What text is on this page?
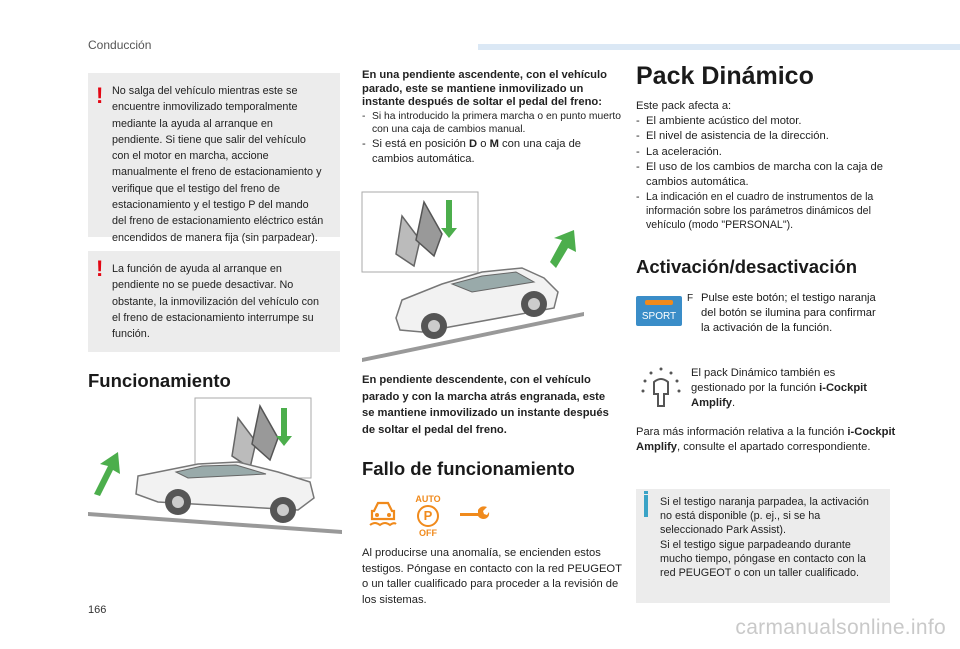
Conducción
! No salga del vehículo mientras este se encuentre inmovilizado temporalmente mediante la ayuda al arranque en pendiente. Si tiene que salir del vehículo con el motor en marcha, accione manualmente el freno de estacionamiento y verifique que el testigo del freno de estacionamiento y el testigo P del mando del freno de estacionamiento eléctrico están encendidos de manera fija (sin parpadear).
! La función de ayuda al arranque en pendiente no se puede desactivar. No obstante, la inmovilización del vehículo con el freno de estacionamiento interrumpe su función.
Funcionamiento
En una pendiente ascendente, con el vehículo parado, este se mantiene inmovilizado un instante después de soltar el pedal del freno:
- Si ha introducido la primera marcha o en punto muerto con una caja de cambios manual.
- Si está en posición D o M con una caja de cambios automática.
En pendiente descendente, con el vehículo parado y con la marcha atrás engranada, este se mantiene inmovilizado un instante después de soltar el pedal del freno.
Fallo de funcionamiento
AUTO
P
OFF
Al producirse una anomalía, se encienden estos testigos. Póngase en contacto con la red PEUGEOT o un taller cualificado para proceder a la revisión de los sistemas.
Pack Dinámico
Este pack afecta a:
- El ambiente acústico del motor.
- El nivel de asistencia de la dirección.
- La aceleración.
- El uso de los cambios de marcha con la caja de cambios automática.
- La indicación en el cuadro de instrumentos de la información sobre los parámetros dinámicos del vehículo (modo "PERSONAL").
Activación/desactivación
SPORT
F Pulse este botón; el testigo naranja del botón se ilumina para confirmar la activación de la función.
El pack Dinámico también es gestionado por la función i-Cockpit Amplify.
Para más información relativa a la función i-Cockpit Amplify, consulte el apartado correspondiente.
Si el testigo naranja parpadea, la activación no está disponible (p. ej., si se ha seleccionado Park Assist).
Si el testigo sigue parpadeando durante mucho tiempo, póngase en contacto con la red PEUGEOT o con un taller cualificado.
166
carmanualsonline.info
